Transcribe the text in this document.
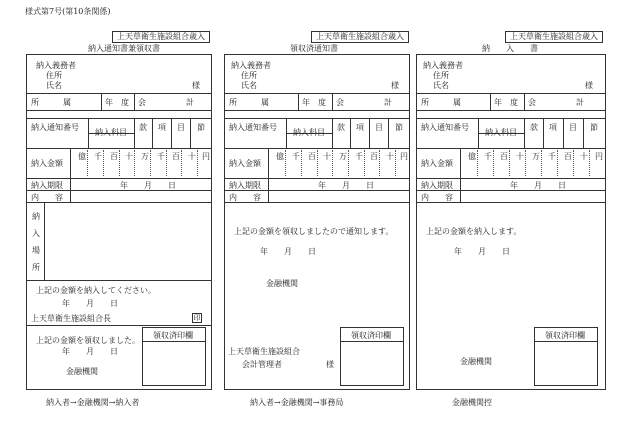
様式第7号(第10条関係)
上天草衛生施設組合歳入
納入通知書兼領収書
納入義務者
住所
氏名	様
所　　　属	年　度 会　　　　　計
納入通知番号	款 項 目 節
納入科目
納入金額
億 千 百 十 万 千 百 十 円
納入期限	年　　月　　日
内　　容
納
入
場
所
上記の金額を納入してください。
年　　月　　日
上天草衛生施設組合長	印
上記の金額を領収しました。
年　　月　　日
金融機関
領収済印欄
納入者→金融機関→納入者
上天草衛生施設組合歳入
領収済通知書
納入義務者
住所
氏名	様
所　　　属	年　度 会　　　　　計
納入通知番号	款 項 目 節
納入科目
納入金額
億 千 百 十 万 千 百 十 円
納入期限	年　　月　　日
内　　容
上記の金額を領収しましたので通知します。
年　　月　　日
金融機関
領収済印欄
上天草衛生施設組合
会計管理者	様
納入者→金融機関→事務局
上天草衛生施設組合歳入
納　　入　　書
納入義務者
住所
氏名	様
所　　　属	年　度 会　　　　　計
納入通知番号	款 項 目 節
納入科目
納入金額
億 千 百 十 万 千 百 十 円
納入期限	年　　月　　日
内　　容
上記の金額を納入します。
年　　月　　日
領収済印欄
金融機関
金融機関控
